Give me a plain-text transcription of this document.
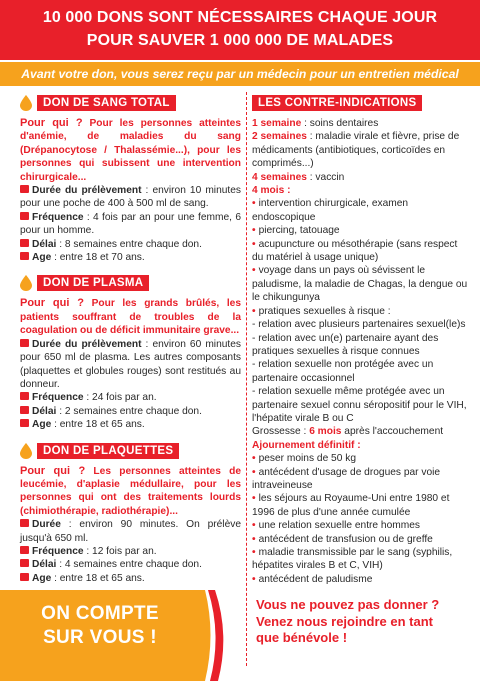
10 000 DONS SONT NÉCESSAIRES CHAQUE JOUR
POUR SAUVER 1 000 000 DE MALADES
Avant votre don, vous serez reçu par un médecin pour un entretien médical
DON DE SANG TOTAL
Pour qui ? Pour les personnes atteintes d'anémie, de maladies du sang (Drépanocytose / Thalassémie...), pour les personnes qui subissent une intervention chirurgicale...
Durée du prélèvement : environ 10 minutes pour une poche de 400 à 500 ml de sang.
Fréquence : 4 fois par an pour une femme, 6 pour un homme.
Délai : 8 semaines entre chaque don.
Age : entre 18 et 70 ans.
DON DE PLASMA
Pour qui ? Pour les grands brûlés, les patients souffrant de troubles de la coagulation ou de déficit immunitaire grave...
Durée du prélèvement : environ 60 minutes pour 650 ml de plasma. Les autres composants (plaquettes et globules rouges) sont restitués au donneur.
Fréquence : 24 fois par an.
Délai : 2 semaines entre chaque don.
Age : entre 18 et 65 ans.
DON DE PLAQUETTES
Pour qui ? Les personnes atteintes de leucémie, d'aplasie médullaire, pour les personnes qui ont des traitements lourds (chimiothérapie, radiothérapie)...
Durée : environ 90 minutes. On prélève jusqu'à 650 ml.
Fréquence : 12 fois par an.
Délai : 4 semaines entre chaque don.
Age : entre 18 et 65 ans.
LES CONTRE-INDICATIONS
1 semaine : soins dentaires
2 semaines : maladie virale et fièvre, prise de médicaments (antibiotiques, corticoïdes en comprimés...)
4 semaines : vaccin
4 mois :
• intervention chirurgicale, examen endoscopique
• piercing, tatouage
• acupuncture ou mésothérapie (sans respect du matériel à usage unique)
• voyage dans un pays où sévissent le paludisme, la maladie de Chagas, la dengue ou le chikungunya
• pratiques sexuelles à risque :
- relation avec plusieurs partenaires sexuel(le)s
- relation avec un(e) partenaire ayant des pratiques sexuelles à risque connues
- relation sexuelle non protégée avec un partenaire occasionnel
- relation sexuelle même protégée avec un partenaire sexuel connu séropositif pour le VIH, l'hépatite virale B ou C
Grossesse : 6 mois après l'accouchement
Ajournement définitif :
• peser moins de 50 kg
• antécédent d'usage de drogues par voie intraveineuse
• les séjours au Royaume-Uni entre 1980 et 1996 de plus d'une année cumulée
• une relation sexuelle entre hommes
• antécédent de transfusion ou de greffe
• maladie transmissible par le sang (syphilis, hépatites virales B et C, VIH)
• antécédent de paludisme
ON COMPTE
SUR VOUS !
Vous ne pouvez pas donner ?
Venez nous rejoindre en tant
que bénévole !
